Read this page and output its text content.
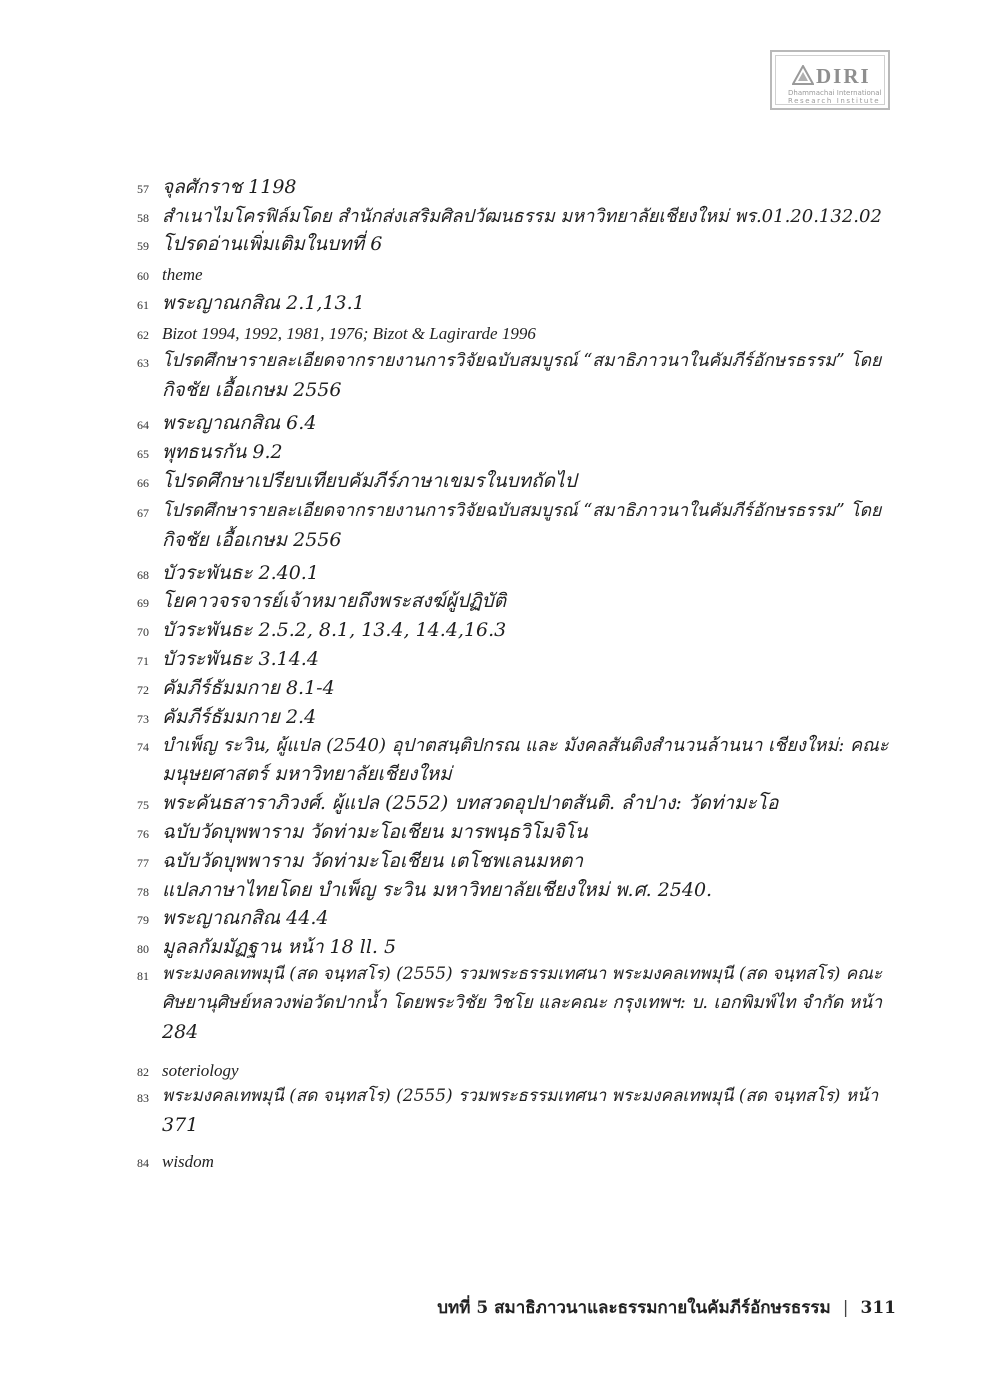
DIRI
Dhammachai International
Research Institute
57 จุลศักราช 1198
58 สำเนาไมโครฟิล์มโดย สำนักส่งเสริมศิลปวัฒนธรรม มหาวิทยาลัยเชียงใหม่ พร.01.20.132.02
59 โปรดอ่านเพิ่มเติมในบทที่ 6
60 theme
61 พระญาณกสิณ 2.1,13.1
62 Bizot 1994, 1992, 1981, 1976; Bizot & Lagirarde 1996
63 โปรดศึกษารายละเอียดจากรายงานการวิจัยฉบับสมบูรณ์ “สมาธิภาวนาในคัมภีร์อักษรธรรม” โดย
กิจชัย เอื้อเกษม 2556
64 พระญาณกสิณ 6.4
65 พุทธนรกัน 9.2
66 โปรดศึกษาเปรียบเทียบคัมภีร์ภาษาเขมรในบทถัดไป
67 โปรดศึกษารายละเอียดจากรายงานการวิจัยฉบับสมบูรณ์ “สมาธิภาวนาในคัมภีร์อักษรธรรม” โดย
กิจชัย เอื้อเกษม 2556
68 บัวระพันธะ 2.40.1
69 โยคาวจรจารย์เจ้าหมายถึงพระสงฆ์ผู้ปฏิบัติ
70 บัวระพันธะ 2.5.2, 8.1, 13.4, 14.4,16.3
71 บัวระพันธะ 3.14.4
72 คัมภีร์ธัมมกาย 8.1-4
73 คัมภีร์ธัมมกาย 2.4
74 บำเพ็ญ ระวิน, ผู้แปล (2540) อุปาตสนฺติปกรณ และ มังคลสันติงสำนวนล้านนา เชียงใหม่: คณะ
มนุษยศาสตร์ มหาวิทยาลัยเชียงใหม่
75 พระคันธสาราภิวงศ์. ผู้แปล (2552) บทสวดอุปปาตสันติ. ลำปาง: วัดท่ามะโอ
76 ฉบับวัดบุพพาราม วัดท่ามะโอเชียน มารพนฺธวิโมจิโน
77 ฉบับวัดบุพพาราม วัดท่ามะโอเชียน เตโชพเลนมหตา
78 แปลภาษาไทยโดย บำเพ็ญ ระวิน มหาวิทยาลัยเชียงใหม่ พ.ศ. 2540.
79 พระญาณกสิณ 44.4
80 มูลลกัมมัฏฐาน หน้า 18 ll. 5
81 พระมงคลเทพมุนี (สด จนฺทสโร) (2555) รวมพระธรรมเทศนา พระมงคลเทพมุนี (สด จนฺทสโร) คณะ
ศิษยานุศิษย์หลวงพ่อวัดปากน้ำ โดยพระวิชัย วิชโย และคณะ กรุงเทพฯ: บ. เอกพิมพ์ไท จำกัด หน้า
284
82 soteriology
83 พระมงคลเทพมุนี (สด จนฺทสโร) (2555) รวมพระธรรมเทศนา พระมงคลเทพมุนี (สด จนฺทสโร) หน้า
371
84 wisdom
บทที่ 5 สมาธิภาวนาและธรรมกายในคัมภีร์อักษรธรรม | 311
